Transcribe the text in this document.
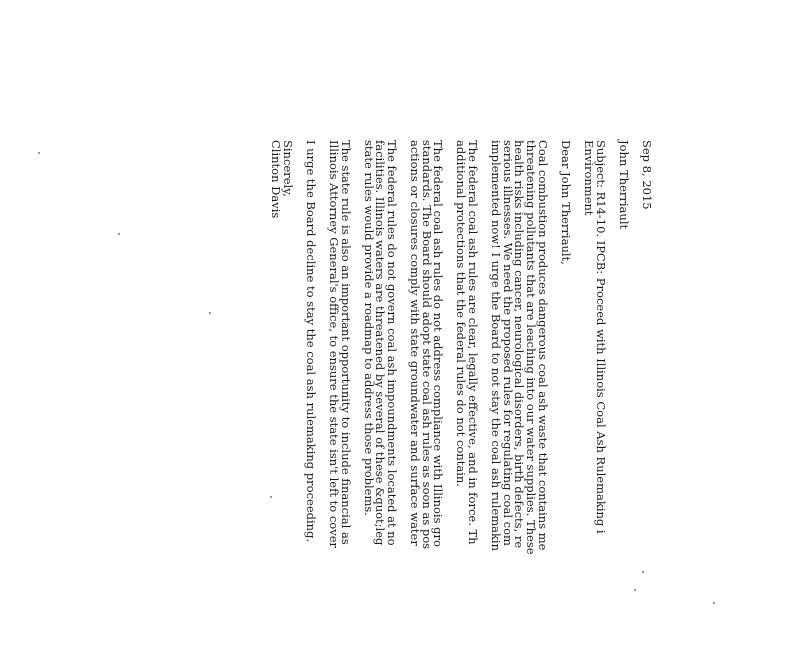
Sep 8, 2015
John Therriault
Subject: R14-10. IPCB: Proceed with Illinois Coal Ash Rulemaking i
Environment
Dear John Therriault,
Coal combustion produces dangerous coal ash waste that contains me
threatening pollutants that are leaching into our water supplies. These
health risks including cancer, neurological disorders, birth defects, re
serious illnesses. We need the proposed rules for regulating coal com
implemented now! I urge the Board to not stay the coal ash rulemakin
The federal coal ash rules are clear, legally effective, and in force. Th
additional protections that the federal rules do not contain.
The federal coal ash rules do not address compliance with Illinois gro
standards. The Board should adopt state coal ash rules as soon as pos
actions or closures comply with state groundwater and surface water
The federal rules do not govern coal ash impoundments located at no
facilities. Illinois waters are threatened by several of these &quot;leg
state rules would provide a roadmap to address those problems.
The state rule is also an important opportunity to include financial as
Illinois Attorney General's office, to ensure the state isn't left to cover
I urge the Board decline to stay the coal ash rulemaking proceeding.
Sincerely,
Clinton Davis
